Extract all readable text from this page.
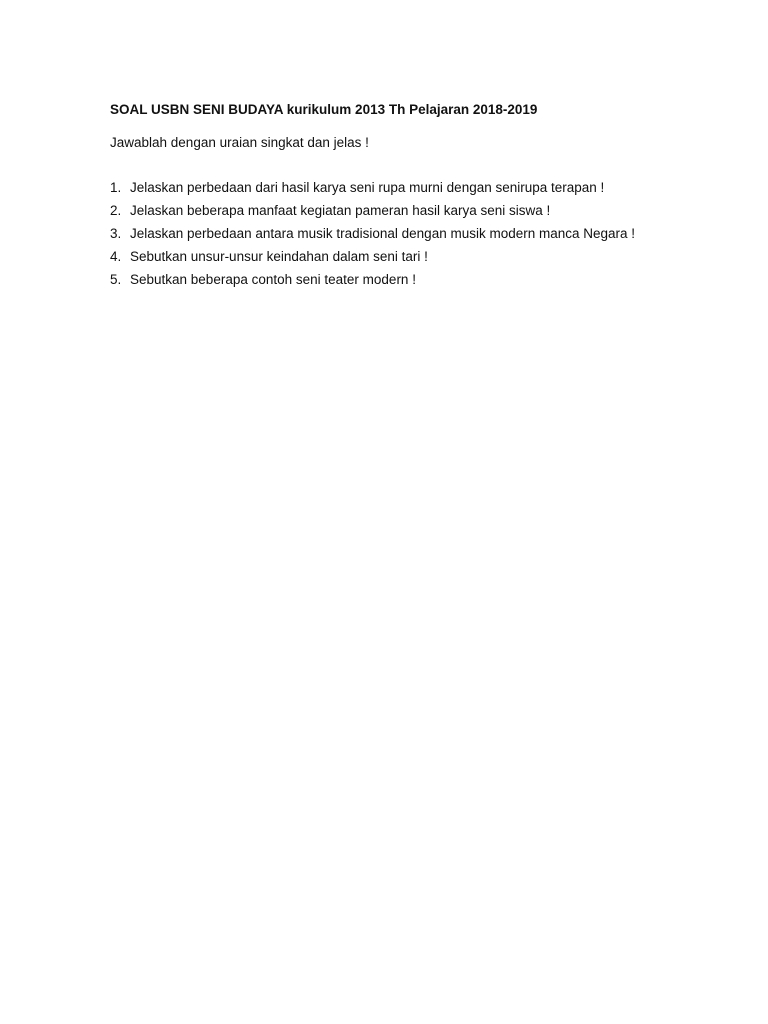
SOAL USBN SENI BUDAYA kurikulum 2013 Th Pelajaran 2018-2019

Jawablah dengan uraian singkat dan jelas !

1. Jelaskan perbedaan dari hasil karya seni rupa murni dengan senirupa terapan !
2. Jelaskan beberapa manfaat kegiatan pameran hasil karya seni siswa !
3. Jelaskan perbedaan antara musik tradisional dengan musik modern manca Negara !
4. Sebutkan unsur-unsur keindahan dalam seni tari !
5. Sebutkan beberapa contoh seni teater modern !
